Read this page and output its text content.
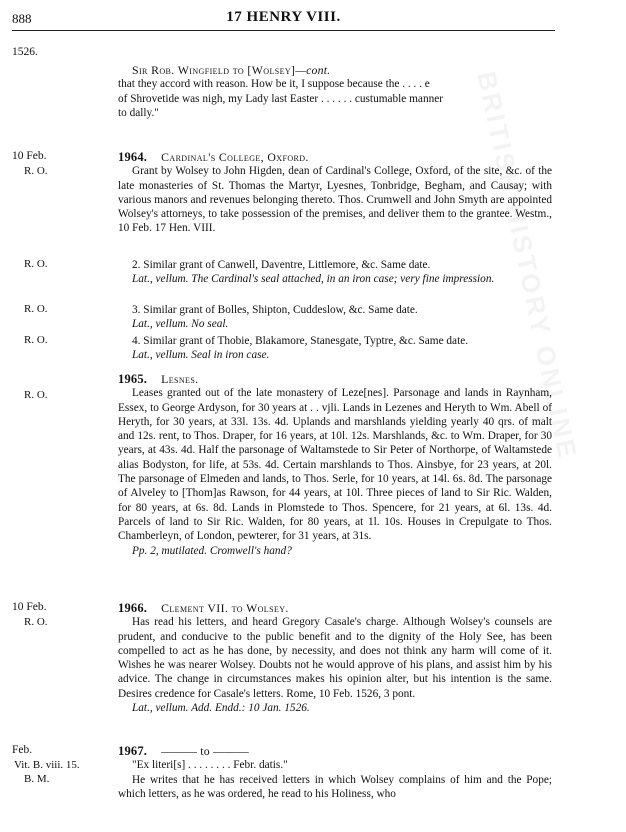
BRITISH HISTORY ONLINE
888	17 HENRY VIII.
1526.

Sir Rob. Wingfield to [Wolsey]—cont.

that they accord with reason. How be it, I suppose because the . . . . e

of Shrovetide was nigh, my Lady last Easter . . . . . . custumable manner

to dally."

10 Feb.
R. O.

1964. Cardinal's College, Oxford.

Grant by Wolsey to John Higden, dean of Cardinal's College, Oxford, of the site, &c. of the late monasteries of St. Thomas the Martyr, Lyesnes, Tonbridge, Begham, and Causay; with various manors and revenues belonging thereto. Thos. Crumwell and John Smyth are appointed Wolsey's attorneys, to take possession of the premises, and deliver them to the grantee. Westm., 10 Feb. 17 Hen. VIII.

R. O.	2. Similar grant of Canwell, Daventre, Littlemore, &c. Same date.

Lat., vellum. The Cardinal's seal attached, in an iron case; very fine impression.

R. O.	3. Similar grant of Bolles, Shipton, Cuddeslow, &c. Same date.

Lat., vellum. No seal.

R. O.	4. Similar grant of Thobie, Blakamore, Stanesgate, Typtre, &c. Same date.

Lat., vellum. Seal in iron case.

R. O.

1965. Lesnes.

Leases granted out of the late monastery of Leze[nes]. Parsonage and lands in Raynham, Essex, to George Ardyson, for 30 years at . . vjli. Lands in Lezenes and Heryth to Wm. Abell of Heryth, for 30 years, at 33l. 13s. 4d. Uplands and marshlands yielding yearly 40 qrs. of malt and 12s. rent, to Thos. Draper, for 16 years, at 10l. 12s. Marshlands, &c. to Wm. Draper, for 30 years, at 43s. 4d. Half the parsonage of Waltamstede to Sir Peter of Northorpe, of Waltamstede alias Bodyston, for life, at 53s. 4d. Certain marshlands to Thos. Ainsbye, for 23 years, at 20l. The parsonage of Elmeden and lands, to Thos. Serle, for 10 years, at 14l. 6s. 8d. The parsonage of Alveley to [Thom]as Rawson, for 44 years, at 10l. Three pieces of land to Sir Ric. Walden, for 80 years, at 6s. 8d. Lands in Plomstede to Thos. Spencere, for 21 years, at 6l. 13s. 4d. Parcels of land to Sir Ric. Walden, for 80 years, at 1l. 10s. Houses in Crepulgate to Thos. Chamberleyn, of London, pewterer, for 31 years, at 31s.

Pp. 2, mutilated. Cromwell's hand?

10 Feb.
R. O.

1966. Clement VII. to Wolsey.

Has read his letters, and heard Gregory Casale's charge. Although Wolsey's counsels are prudent, and conducive to the public benefit and to the dignity of the Holy See, has been compelled to act as he has done, by necessity, and does not think any harm will come of it. Wishes he was nearer Wolsey. Doubts not he would approve of his plans, and assist him by his advice. The change in circumstances makes his opinion alter, but his intention is the same. Desires credence for Casale's letters. Rome, 10 Feb. 1526, 3 pont.

Lat., vellum. Add. Endd.: 10 Jan. 1526.

Feb.
Vit. B. viii. 15.
B. M.

1967. ——— to ———

"Ex literi[s] . . . . . . . . Febr. datis."

He writes that he has received letters in which Wolsey complains of him and the Pope; which letters, as he was ordered, he read to his Holiness, who
